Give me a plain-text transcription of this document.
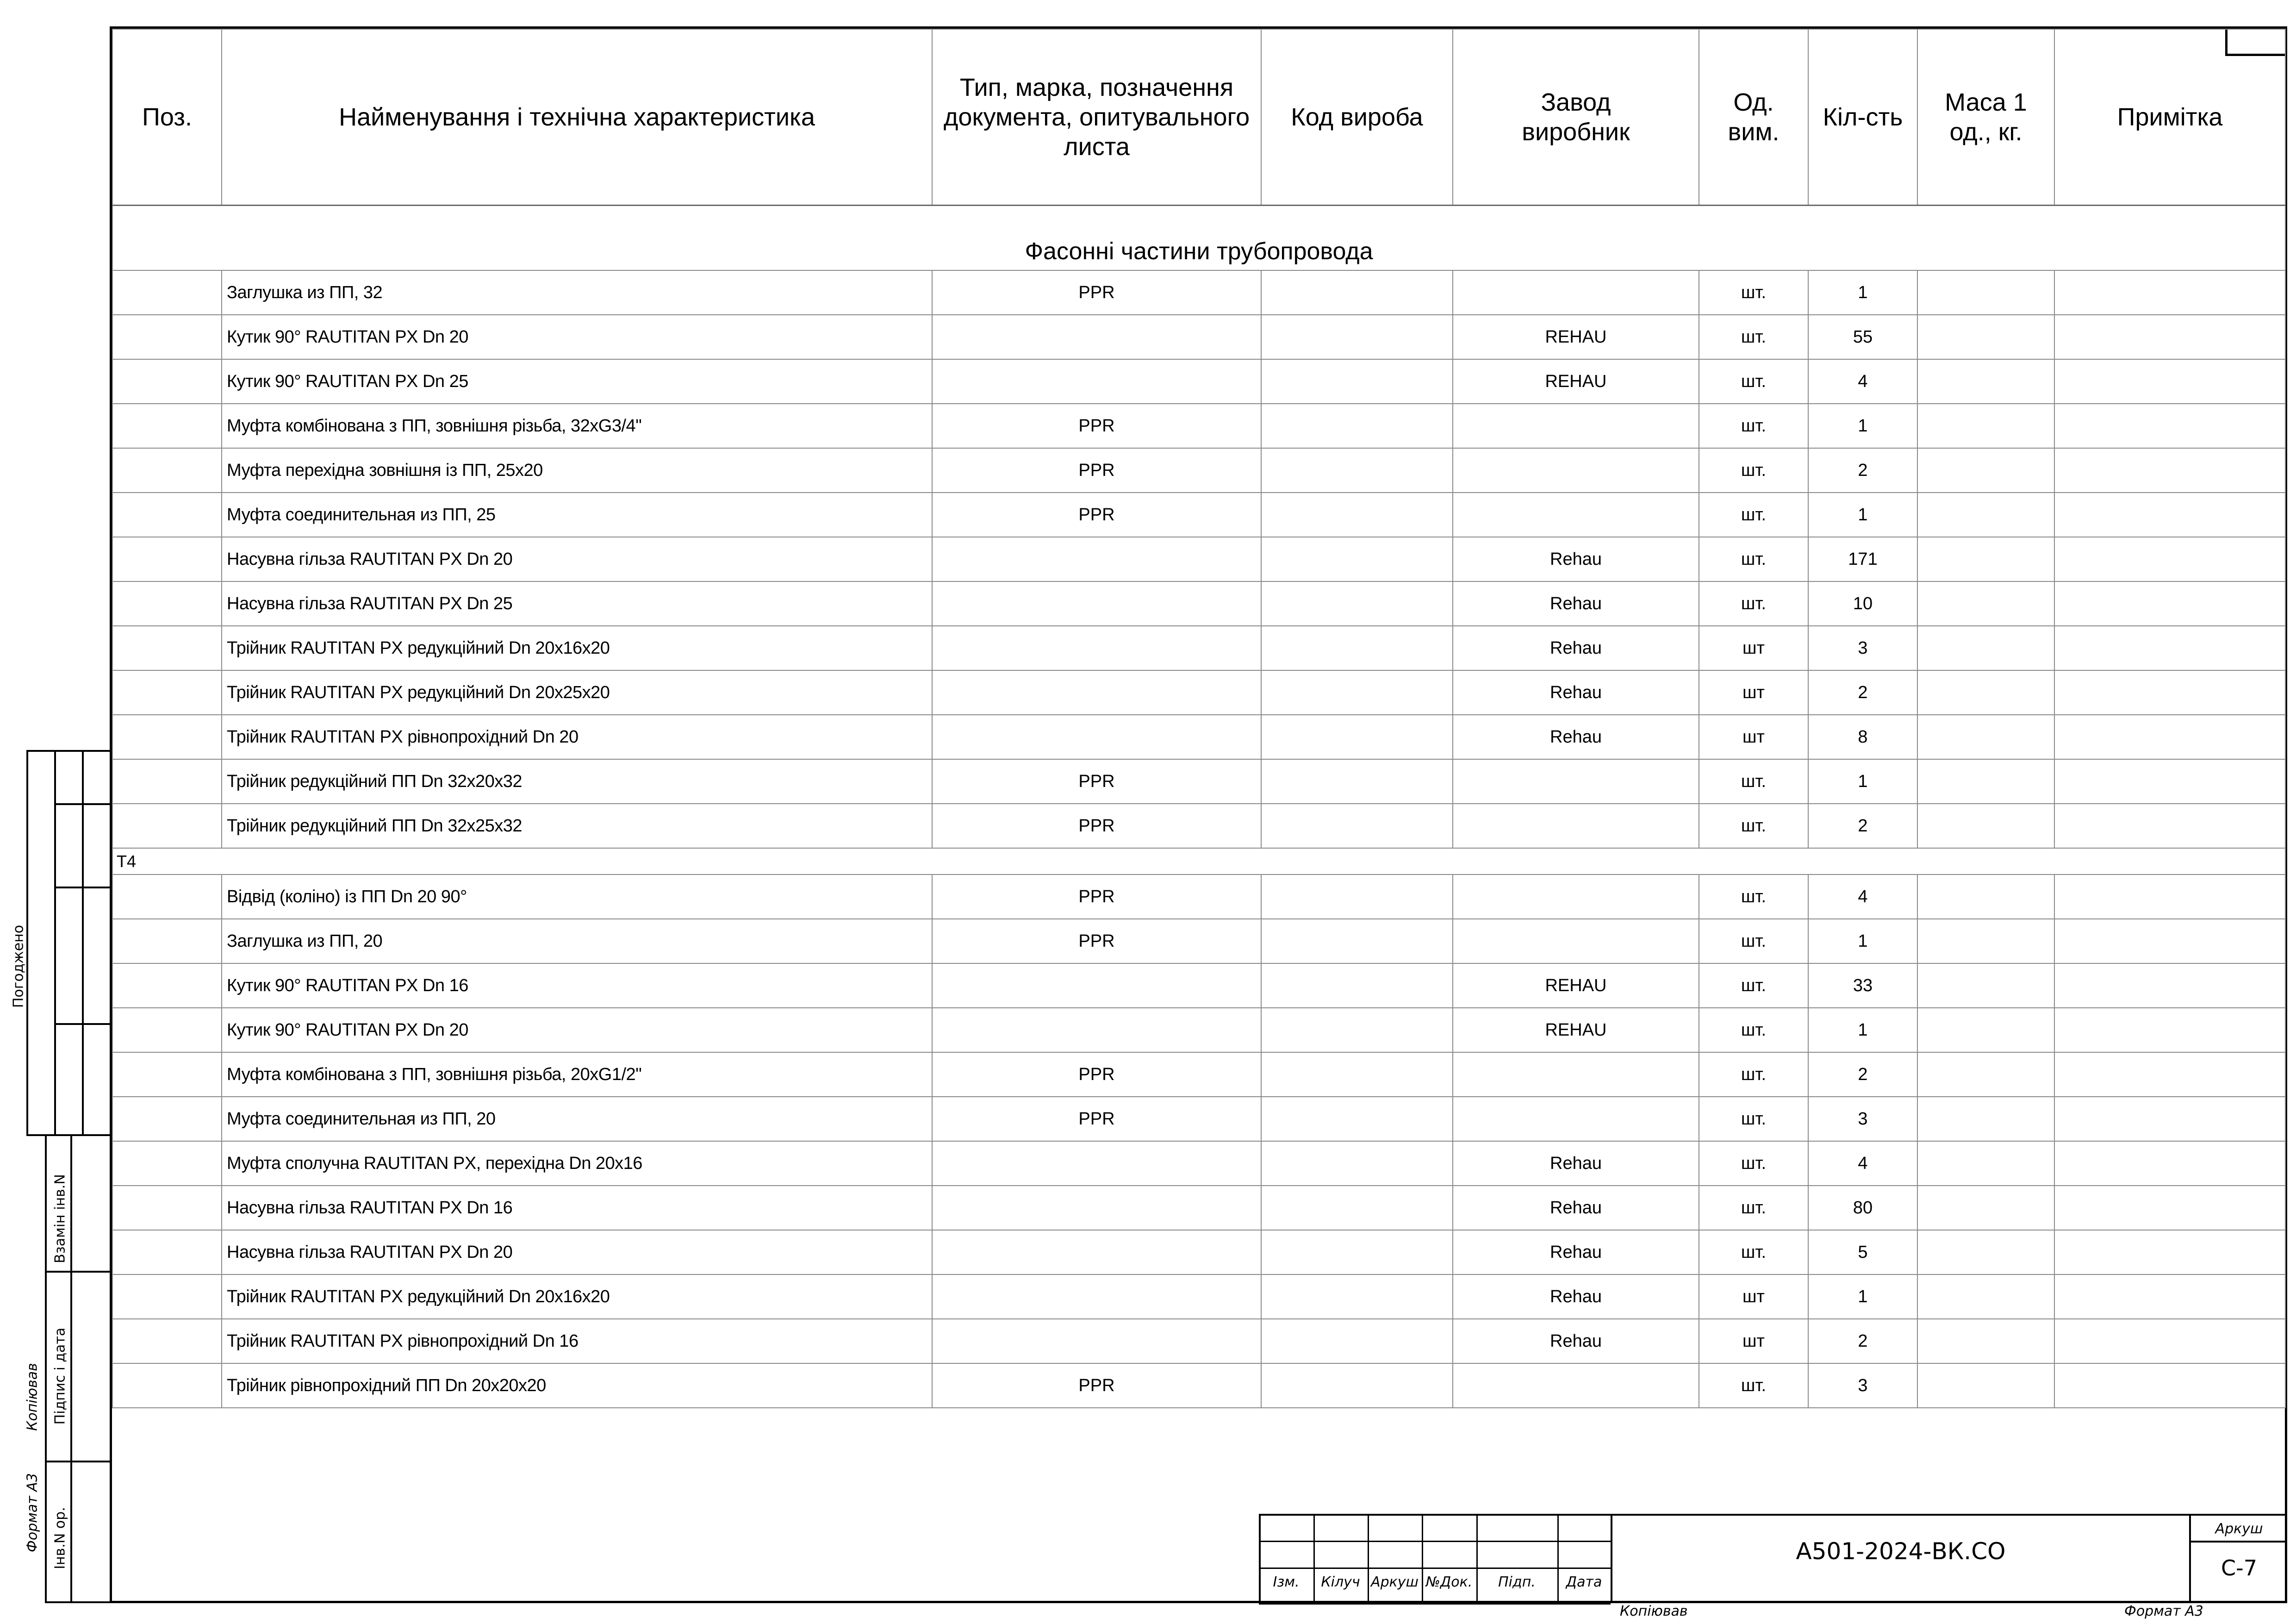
Поз.	Найменування і технічна характеристика	Тип, марка, позначення документа, опитувального листа	Код вироба	Завод виробник	Од. вим.	Кіл-сть	Маса 1 од., кг.	Примітка
Фасонні частини трубопровода								
	Заглушка из ПП, 32	PPR			шт.	1		
	Кутик 90° RAUTITAN PX Dn 20			REHAU	шт.	55		
	Кутик 90° RAUTITAN PX Dn 25			REHAU	шт.	4		
	Муфта комбінована з ПП, зовнішня різьба, 32хG3/4"	PPR			шт.	1		
	Муфта перехідна зовнішня із ПП, 25х20	PPR			шт.	2		
	Муфта соединительная из ПП, 25	PPR			шт.	1		
	Насувна гільза RAUTITAN PX Dn 20			Rehau	шт.	171		
	Насувна гільза RAUTITAN PX Dn 25			Rehau	шт.	10		
	Трійник RAUTITAN PX редукційний Dn 20х16х20			Rehau	шт	3		
	Трійник RAUTITAN PX редукційний Dn 20х25х20			Rehau	шт	2		
	Трійник RAUTITAN PX рівнопрохідний Dn 20			Rehau	шт	8		
	Трійник редукційний ПП Dn 32х20х32	PPR			шт.	1		
	Трійник редукційний ПП Dn 32х25х32	PPR			шт.	2		
T4								
	Відвід (коліно) із ПП Dn 20 90°	PPR			шт.	4		
	Заглушка из ПП, 20	PPR			шт.	1		
	Кутик 90° RAUTITAN PX Dn 16			REHAU	шт.	33		
	Кутик 90° RAUTITAN PX Dn 20			REHAU	шт.	1		
	Муфта комбінована з ПП, зовнішня різьба, 20хG1/2"	PPR			шт.	2		
	Муфта соединительная из ПП, 20	PPR			шт.	3		
	Муфта сполучна RAUTITAN PX, перехідна Dn 20х16			Rehau	шт.	4		
	Насувна гільза RAUTITAN PX Dn 16			Rehau	шт.	80		
	Насувна гільза RAUTITAN PX Dn 20			Rehau	шт.	5		
	Трійник RAUTITAN PX редукційний Dn 20х16х20			Rehau	шт	1		
	Трійник RAUTITAN PX рівнопрохідний Dn 16			Rehau	шт	2		
	Трійник рівнопрохідний ПП Dn 20х20х20	PPR			шт.	3		
Погоджено
Взамін інв.N
Підпис і дата
Інв.N ор.
Копіював
Формат А3
Ізм.	Кілуч Аркуш №Док.	Підп.	Дата
А501-2024-ВК.СО
Аркуш
С-7
Копіював	Формат А3
